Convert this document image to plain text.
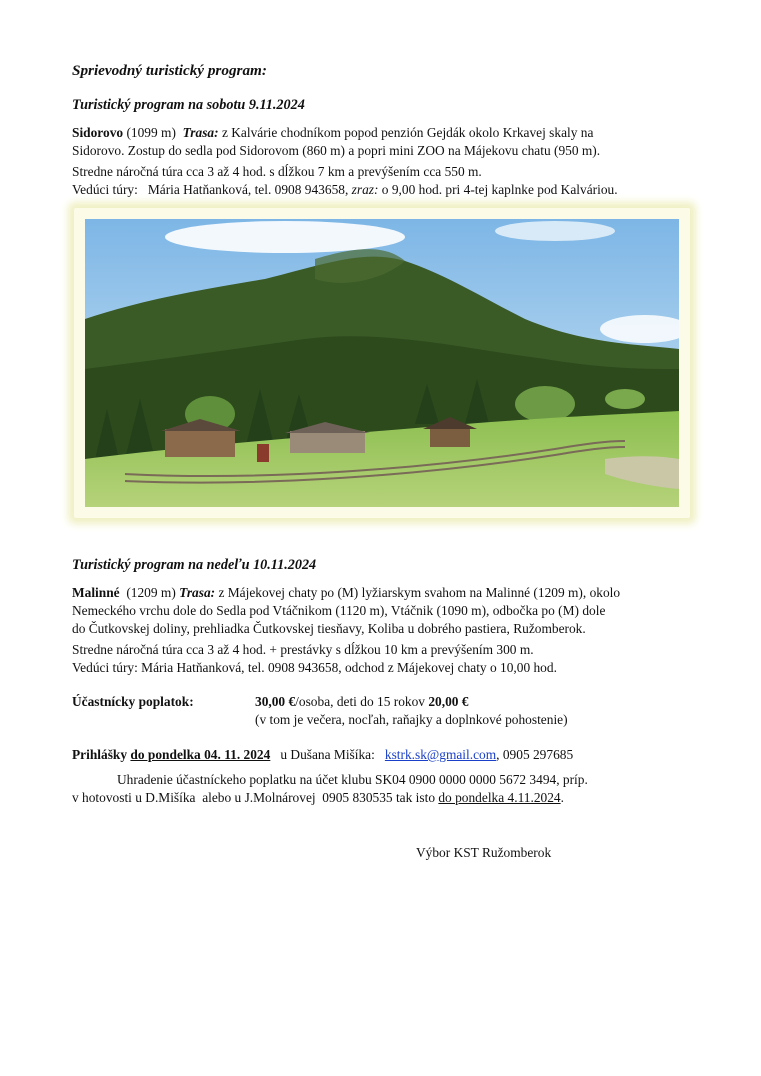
Sprievodný turistický program:
Turistický program na sobotu 9.11.2024
Sidorovo (1099 m)  Trasa: z Kalvárie chodníkom popod penzión Gejdák okolo Krkavej skaly na
Sidorovo. Zostup do sedla pod Sidorovom (860 m) a popri mini ZOO na Májekovu chatu (950 m).
Stredne náročná túra cca 3 až 4 hod. s dĺžkou 7 km a prevýšením cca 550 m.
Vedúci túry:   Mária Hatňanková, tel. 0908 943658, zraz: o 9,00 hod. pri 4-tej kaplnke pod Kalváriou.
Turistický program na nedeľu 10.11.2024
Malinné  (1209 m) Trasa: z Májekovej chaty po (M) lyžiarskym svahom na Malinné (1209 m), okolo
Nemeckého vrchu dole do Sedla pod Vtáčnikom (1120 m), Vtáčnik (1090 m), odbočka po (M) dole
do Čutkovskej doliny, prehliadka Čutkovskej tiesňavy, Koliba u dobrého pastiera, Ružomberok.
Stredne náročná túra cca 3 až 4 hod. + prestávky s dĺžkou 10 km a prevýšením 300 m.
Vedúci túry: Mária Hatňanková, tel. 0908 943658, odchod z Májekovej chaty o 10,00 hod.
Účastnícky poplatok:	30,00 €/osoba, deti do 15 rokov 20,00 €
(v tom je večera, nocľah, raňajky a doplnkové pohostenie)
Prihlášky do pondelka 04. 11. 2024   u Dušana Mišíka:   kstrk.sk@gmail.com, 0905 297685
Uhradenie účastníckeho poplatku na účet klubu SK04 0900 0000 0000 5672 3494, príp.
v hotovosti u D.Mišíka  alebo u J.Molnárovej  0905 830535 tak isto do pondelka 4.11.2024.
Výbor KST Ružomberok
